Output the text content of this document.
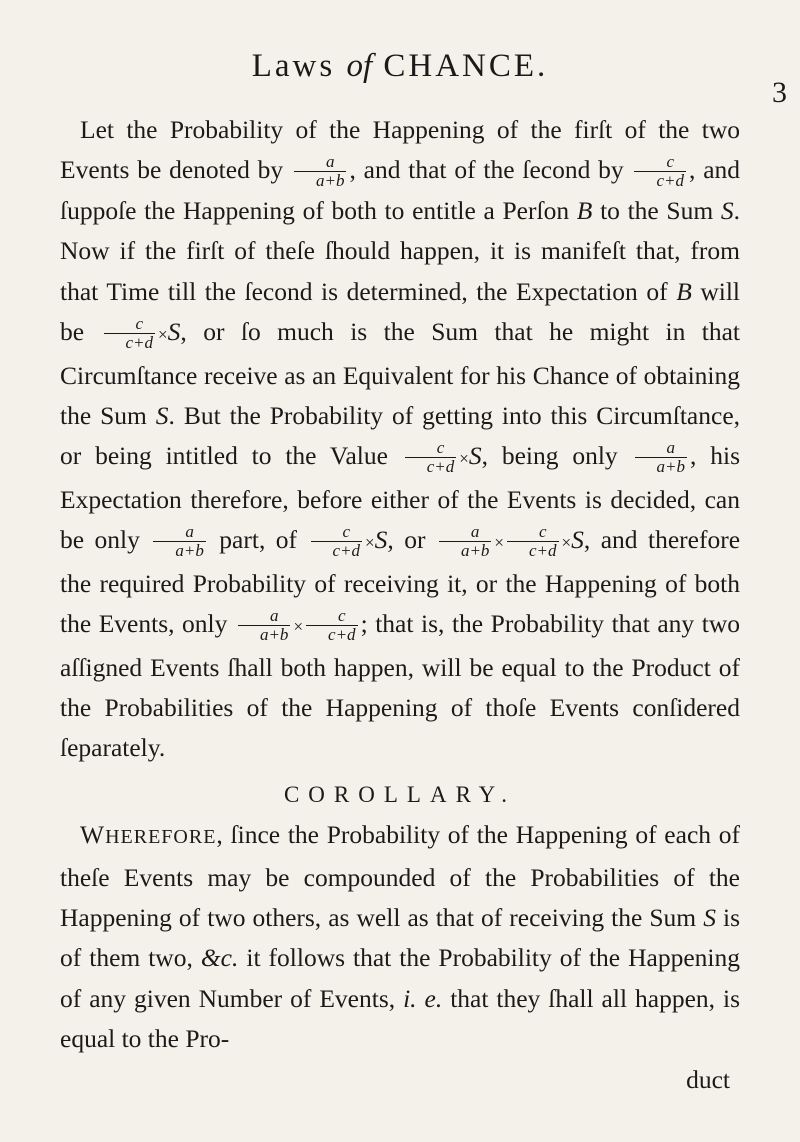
Laws of CHANCE.
3

Let the Probability of the Happening of the firſt of the two Events be denoted by $\frac{a}{a+b}$ , and that of the ſecond by $\frac{c}{c+d}$ , and ſuppoſe the Happening of both to entitle a Perſon B to the Sum S. Now if the firſt of theſe ſhould happen, it is manifeſt that, from that Time till the ſecond is determined, the Expectation of B will be $\frac{c}{c+d} \times S$, or ſo much is the Sum that he might in that Circumſtance receive as an Equivalent for his Chance of obtaining the Sum S. But the Probability of getting into this Circumſtance, or being intitled to the Value $\frac{c}{c+d} \times S$, being only $\frac{a}{a+b}$ , his Expectation therefore, before either of the Events is decided, can be only $\frac{a}{a+b}$ part, of $\frac{c}{c+d} \times S$, or $\frac{a}{a+b} \times \frac{c}{c+d} \times S$, and therefore the required Probability of receiving it, or the Happening of both the Events, only $\frac{a}{a+b} \times \frac{c}{c+d}$ ; that is, the Probability that any two aſſigned Events ſhall both happen, will be equal to the Product of the Probabilities of the Happening of thoſe Events conſidered ſeparately.

COROLLARY.

WHEREFORE, ſince the Probability of the Happening of each of theſe Events may be compounded of the Probabilities of the Happening of two others, as well as that of receiving the Sum S is of them two, &c. it follows that the Probability of the Happening of any given Number of Events, i. e. that they ſhall all happen, is equal to the Pro-

duct
